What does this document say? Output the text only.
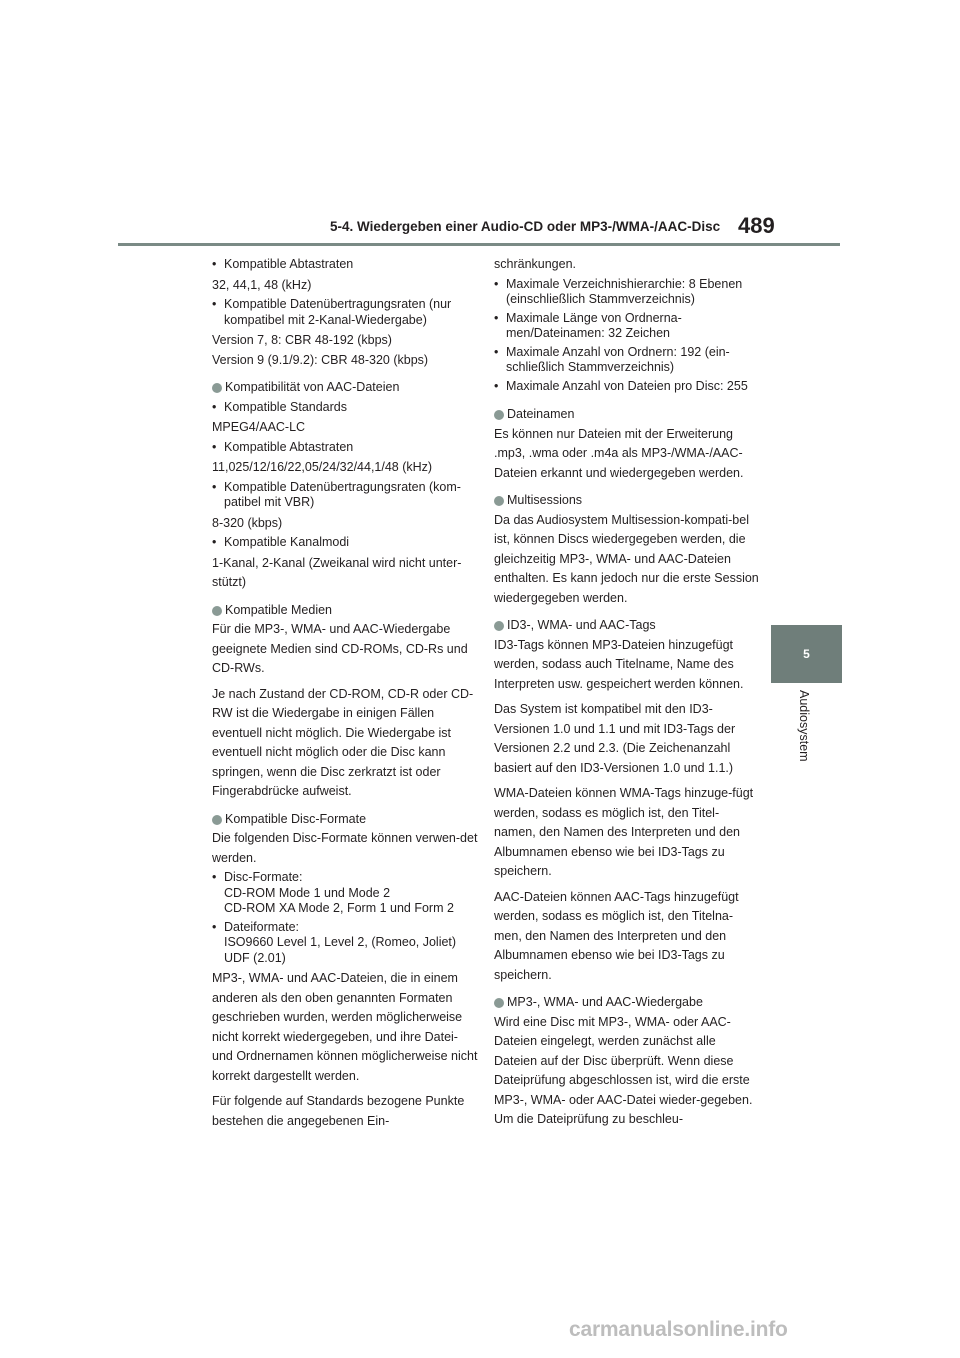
5-4. Wiedergeben einer Audio-CD oder MP3-/WMA-/AAC-Disc 489
5
Audiosystem

• Kompatible Abtastraten

32, 44,1, 48 (kHz)

• Kompatible Datenübertragungsraten (nur kompatibel mit 2-Kanal-Wiedergabe)

Version 7, 8: CBR 48-192 (kbps)

Version 9 (9.1/9.2): CBR 48-320 (kbps)

Kompatibilität von AAC-Dateien

• Kompatible Standards

MPEG4/AAC-LC

• Kompatible Abtastraten

11,025/12/16/22,05/24/32/44,1/48 (kHz)

• Kompatible Datenübertragungsraten (kom-patibel mit VBR)

8-320 (kbps)

• Kompatible Kanalmodi

1-Kanal, 2-Kanal (Zweikanal wird nicht unter-stützt)

Kompatible Medien

Für die MP3-, WMA- und AAC-Wiedergabe geeignete Medien sind CD-ROMs, CD-Rs und CD-RWs.

Je nach Zustand der CD-ROM, CD-R oder CD-RW ist die Wiedergabe in einigen Fällen eventuell nicht möglich. Die Wiedergabe ist eventuell nicht möglich oder die Disc kann springen, wenn die Disc zerkratzt ist oder Fingerabdrücke aufweist.

Kompatible Disc-Formate

Die folgenden Disc-Formate können verwen-det werden.

• Disc-Formate:
CD-ROM Mode 1 und Mode 2
CD-ROM XA Mode 2, Form 1 und Form 2

• Dateiformate:
ISO9660 Level 1, Level 2, (Romeo, Joliet)
UDF (2.01)

MP3-, WMA- und AAC-Dateien, die in einem anderen als den oben genannten Formaten geschrieben wurden, werden möglicherweise nicht korrekt wiedergegeben, und ihre Datei- und Ordnernamen können möglicherweise nicht korrekt dargestellt werden.

Für folgende auf Standards bezogene Punkte bestehen die angegebenen Ein-

schränkungen.

• Maximale Verzeichnishierarchie: 8 Ebenen (einschließlich Stammverzeichnis)

• Maximale Länge von Ordnerna-men/Dateinamen: 32 Zeichen

• Maximale Anzahl von Ordnern: 192 (ein-schließlich Stammverzeichnis)

• Maximale Anzahl von Dateien pro Disc: 255

Dateinamen

Es können nur Dateien mit der Erweiterung .mp3, .wma oder .m4a als MP3-/WMA-/AAC-Dateien erkannt und wiedergegeben werden.

Multisessions

Da das Audiosystem Multisession-kompati-bel ist, können Discs wiedergegeben werden, die gleichzeitig MP3-, WMA- und AAC-Dateien enthalten. Es kann jedoch nur die erste Session wiedergegeben werden.

ID3-, WMA- und AAC-Tags

ID3-Tags können MP3-Dateien hinzugefügt werden, sodass auch Titelname, Name des Interpreten usw. gespeichert werden können.

Das System ist kompatibel mit den ID3-Versionen 1.0 und 1.1 und mit ID3-Tags der Versionen 2.2 und 2.3. (Die Zeichenanzahl basiert auf den ID3-Versionen 1.0 und 1.1.)

WMA-Dateien können WMA-Tags hinzuge-fügt werden, sodass es möglich ist, den Titel-namen, den Namen des Interpreten und den Albumnamen ebenso wie bei ID3-Tags zu speichern.

AAC-Dateien können AAC-Tags hinzugefügt werden, sodass es möglich ist, den Titelna-men, den Namen des Interpreten und den Albumnamen ebenso wie bei ID3-Tags zu speichern.

MP3-, WMA- und AAC-Wiedergabe

Wird eine Disc mit MP3-, WMA- oder AAC-Dateien eingelegt, werden zunächst alle Dateien auf der Disc überprüft. Wenn diese Dateiprüfung abgeschlossen ist, wird die erste MP3-, WMA- oder AAC-Datei wieder-gegeben. Um die Dateiprüfung zu beschleu-

carmanualsonline.info
